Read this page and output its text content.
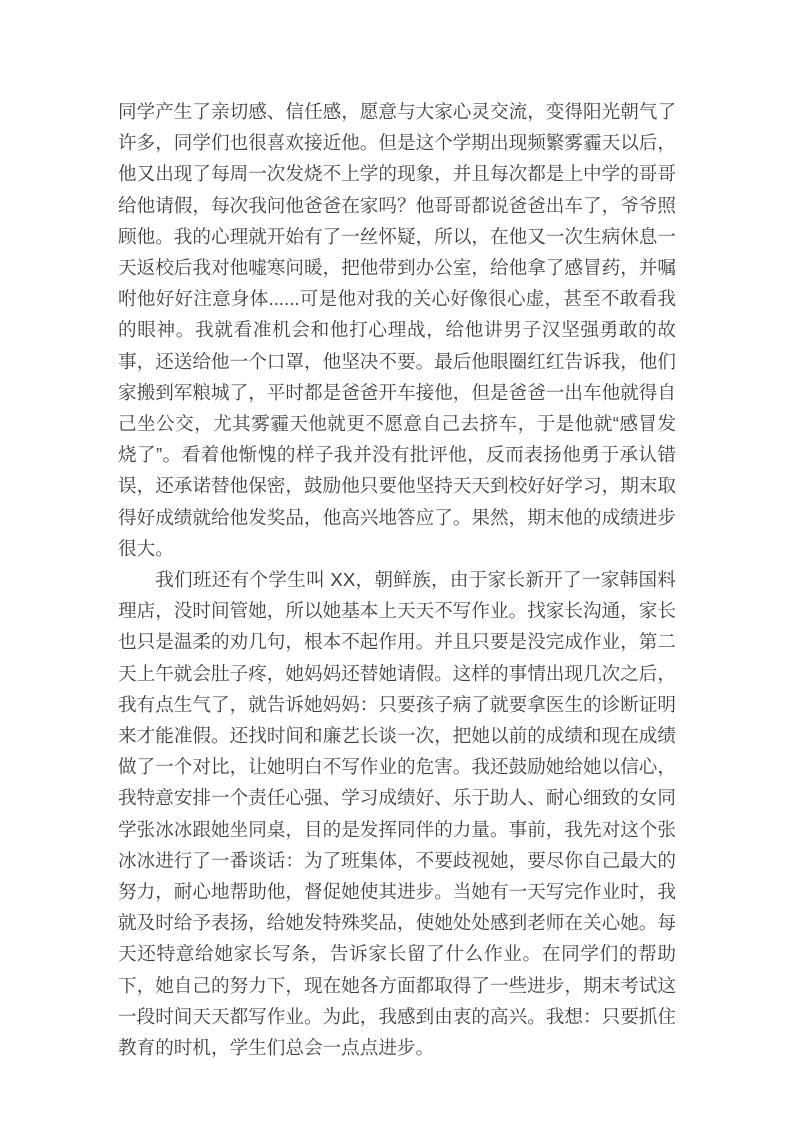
同学产生了亲切感、信任感，愿意与大家心灵交流，变得阳光朝气了许多，同学们也很喜欢接近他。但是这个学期出现频繁雾霾天以后，他又出现了每周一次发烧不上学的现象，并且每次都是上中学的哥哥给他请假，每次我问他爸爸在家吗？他哥哥都说爸爸出车了，爷爷照顾他。我的心理就开始有了一丝怀疑，所以，在他又一次生病休息一天返校后我对他嘘寒问暖，把他带到办公室，给他拿了感冒药，并嘱咐他好好注意身体......可是他对我的关心好像很心虚，甚至不敢看我的眼神。我就看准机会和他打心理战，给他讲男子汉坚强勇敢的故事，还送给他一个口罩，他坚决不要。最后他眼圈红红告诉我，他们家搬到军粮城了，平时都是爸爸开车接他，但是爸爸一出车他就得自己坐公交，尤其雾霾天他就更不愿意自己去挤车，于是他就“感冒发烧了”。看着他惭愧的样子我并没有批评他，反而表扬他勇于承认错误，还承诺替他保密，鼓励他只要他坚持天天到校好好学习，期末取得好成绩就给他发奖品，他高兴地答应了。果然，期末他的成绩进步很大。

我们班还有个学生叫 XX，朝鲜族，由于家长新开了一家韩国料理店，没时间管她，所以她基本上天天不写作业。找家长沟通，家长也只是温柔的劝几句，根本不起作用。并且只要是没完成作业，第二天上午就会肚子疼，她妈妈还替她请假。这样的事情出现几次之后，我有点生气了，就告诉她妈妈：只要孩子病了就要拿医生的诊断证明来才能准假。还找时间和廉艺长谈一次，把她以前的成绩和现在成绩做了一个对比，让她明白不写作业的危害。我还鼓励她给她以信心，我特意安排一个责任心强、学习成绩好、乐于助人、耐心细致的女同学张冰冰跟她坐同桌，目的是发挥同伴的力量。事前，我先对这个张冰冰进行了一番谈话：为了班集体，不要歧视她，要尽你自己最大的努力，耐心地帮助他，督促她使其进步。当她有一天写完作业时，我就及时给予表扬，给她发特殊奖品，使她处处感到老师在关心她。每天还特意给她家长写条，告诉家长留了什么作业。在同学们的帮助下，她自己的努力下，现在她各方面都取得了一些进步，期末考试这一段时间天天都写作业。为此，我感到由衷的高兴。我想：只要抓住教育的时机，学生们总会一点点进步。
